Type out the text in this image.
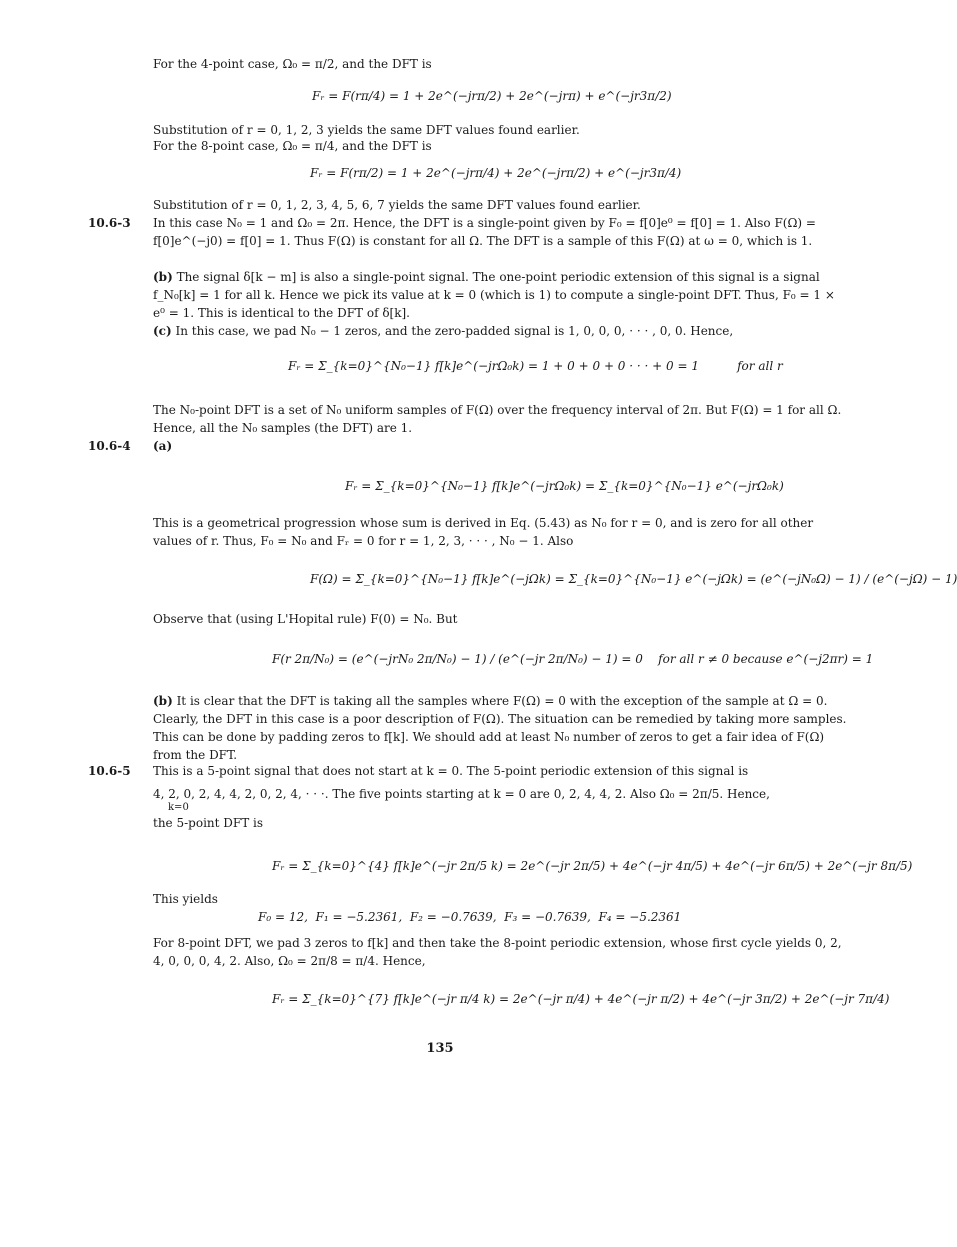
For the 4-point case, Ω₀ = π/2, and the DFT is

Fᵣ = F(rπ/4) = 1 + 2e^(−jrπ/2) + 2e^(−jrπ) + e^(−jr3π/2)

Substitution of r = 0, 1, 2, 3 yields the same DFT values found earlier.

For the 8-point case, Ω₀ = π/4, and the DFT is

Fᵣ = F(rπ/2) = 1 + 2e^(−jrπ/4) + 2e^(−jrπ/2) + e^(−jr3π/4)

Substitution of r = 0, 1, 2, 3, 4, 5, 6, 7 yields the same DFT values found earlier.

10.6-3 In this case N₀ = 1 and Ω₀ = 2π. Hence, the DFT is a single-point given by F₀ = f[0]e⁰ = f[0] = 1. Also F(Ω) = f[0]e^(−j0) = f[0] = 1. Thus F(Ω) is constant for all Ω. The DFT is a sample of this F(Ω) at ω = 0, which is 1.

(b) The signal δ[k − m] is also a single-point signal. The one-point periodic extension of this signal is a signal f_N₀[k] = 1 for all k. Hence we pick its value at k = 0 (which is 1) to compute a single-point DFT. Thus, F₀ = 1 × e⁰ = 1. This is identical to the DFT of δ[k].

(c) In this case, we pad N₀ − 1 zeros, and the zero-padded signal is 1, 0, 0, 0, · · · , 0, 0. Hence,

Fᵣ = Σ_{k=0}^{N₀−1} f[k]e^(−jrΩ₀k) = 1 + 0 + 0 + 0 · · · + 0 = 1          for all r

The N₀-point DFT is a set of N₀ uniform samples of F(Ω) over the frequency interval of 2π. But F(Ω) = 1 for all Ω. Hence, all the N₀ samples (the DFT) are 1.

10.6-4 (a)
Fᵣ = Σ_{k=0}^{N₀−1} f[k]e^(−jrΩ₀k) = Σ_{k=0}^{N₀−1} e^(−jrΩ₀k)

This is a geometrical progression whose sum is derived in Eq. (5.43) as N₀ for r = 0, and is zero for all other values of r. Thus, F₀ = N₀ and Fᵣ = 0 for r = 1, 2, 3, · · · , N₀ − 1. Also

F(Ω) = Σ_{k=0}^{N₀−1} f[k]e^(−jΩk) = Σ_{k=0}^{N₀−1} e^(−jΩk) = (e^(−jN₀Ω) − 1) / (e^(−jΩ) − 1)

Observe that (using L'Hopital rule) F(0) = N₀. But

F(r 2π/N₀) = (e^(−jrN₀ 2π/N₀) − 1) / (e^(−jr 2π/N₀) − 1) = 0    for all r ≠ 0 because e^(−j2πr) = 1

(b) It is clear that the DFT is taking all the samples where F(Ω) = 0 with the exception of the sample at Ω = 0. Clearly, the DFT in this case is a poor description of F(Ω). The situation can be remedied by taking more samples. This can be done by padding zeros to f[k]. We should add at least N₀ number of zeros to get a fair idea of F(Ω) from the DFT.

10.6-5 This is a 5-point signal that does not start at k = 0. The 5-point periodic extension of this signal is

4, 2, 0, 2, 4, 4, 2, 0, 2, 4, · · ·. The five points starting at k = 0 are 0, 2, 4, 4, 2. Also Ω₀ = 2π/5. Hence,

k=0

the 5-point DFT is

Fᵣ = Σ_{k=0}^{4} f[k]e^(−jr 2π/5 k) = 2e^(−jr 2π/5) + 4e^(−jr 4π/5) + 4e^(−jr 6π/5) + 2e^(−jr 8π/5)

This yields

F₀ = 12,  F₁ = −5.2361,  F₂ = −0.7639,  F₃ = −0.7639,  F₄ = −5.2361

For 8-point DFT, we pad 3 zeros to f[k] and then take the 8-point periodic extension, whose first cycle yields 0, 2, 4, 0, 0, 0, 4, 2. Also, Ω₀ = 2π/8 = π/4. Hence,

Fᵣ = Σ_{k=0}^{7} f[k]e^(−jr π/4 k) = 2e^(−jr π/4) + 4e^(−jr π/2) + 4e^(−jr 3π/2) + 2e^(−jr 7π/4)
135
